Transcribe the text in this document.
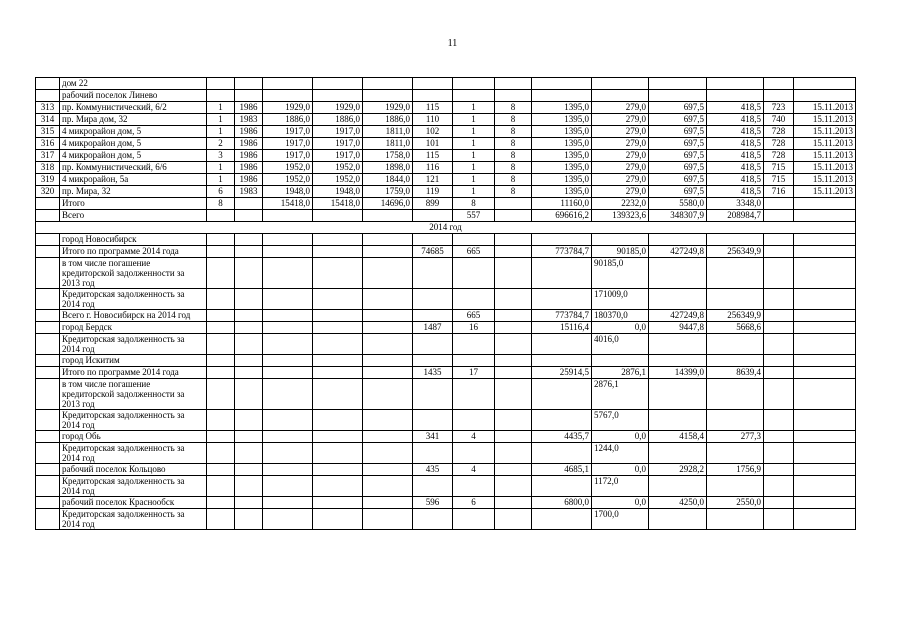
11
	дом 22														
	рабочий поселок Линево														
313	пр. Коммунистический, 6/2	1	1986	1929,0	1929,0	1929,0	115	1	8	1395,0	279,0	697,5	418,5	723	15.11.2013
314	пр. Мира дом, 32	1	1983	1886,0	1886,0	1886,0	110	1	8	1395,0	279,0	697,5	418,5	740	15.11.2013
315	4 микрорайон дом, 5	1	1986	1917,0	1917,0	1811,0	102	1	8	1395,0	279,0	697,5	418,5	728	15.11.2013
316	4 микрорайон дом, 5	2	1986	1917,0	1917,0	1811,0	101	1	8	1395,0	279,0	697,5	418,5	728	15.11.2013
317	4 микрорайон дом, 5	3	1986	1917,0	1917,0	1758,0	115	1	8	1395,0	279,0	697,5	418,5	728	15.11.2013
318	пр. Коммунистический, 6/6	1	1986	1952,0	1952,0	1898,0	116	1	8	1395,0	279,0	697,5	418,5	715	15.11.2013
319	4 микрорайон, 5а	1	1986	1952,0	1952,0	1844,0	121	1	8	1395,0	279,0	697,5	418,5	715	15.11.2013
320	пр. Мира, 32	6	1983	1948,0	1948,0	1759,0	119	1	8	1395,0	279,0	697,5	418,5	716	15.11.2013
	Итого	8		15418,0	15418,0	14696,0	899	8		11160,0	2232,0	5580,0	3348,0		
	Всего							557		696616,2	139323,6	348307,9	208984,7		
2014 год															
	город Новосибирск														
	Итого по программе 2014 года						74685	665		773784,7	90185,0	427249,8	256349,9		
	в том числе погашение кредиторской задолженности за 2013 год										90185,0				
	Кредиторская задолженность за 2014 год										171009,0				
	Всего г. Новосибирск на 2014 год							665		773784,7	180370,0	427249,8	256349,9		
	город Бердск						1487	16		15116,4	0,0	9447,8	5668,6		
	Кредиторская задолженность за 2014 год										4016,0				
	город Искитим														
	Итого по программе 2014 года						1435	17		25914,5	2876,1	14399,0	8639,4		
	в том числе погашение кредиторской задолженности за 2013 год										2876,1				
	Кредиторская задолженность за 2014 год										5767,0				
	город Обь						341	4		4435,7	0,0	4158,4	277,3		
	Кредиторская задолженность за 2014 год										1244,0				
	рабочий поселок Кольцово						435	4		4685,1	0,0	2928,2	1756,9		
	Кредиторская задолженность за 2014 год										1172,0				
	рабочий поселок Краснообск						596	6		6800,0	0,0	4250,0	2550,0		
	Кредиторская задолженность за 2014 год										1700,0				
